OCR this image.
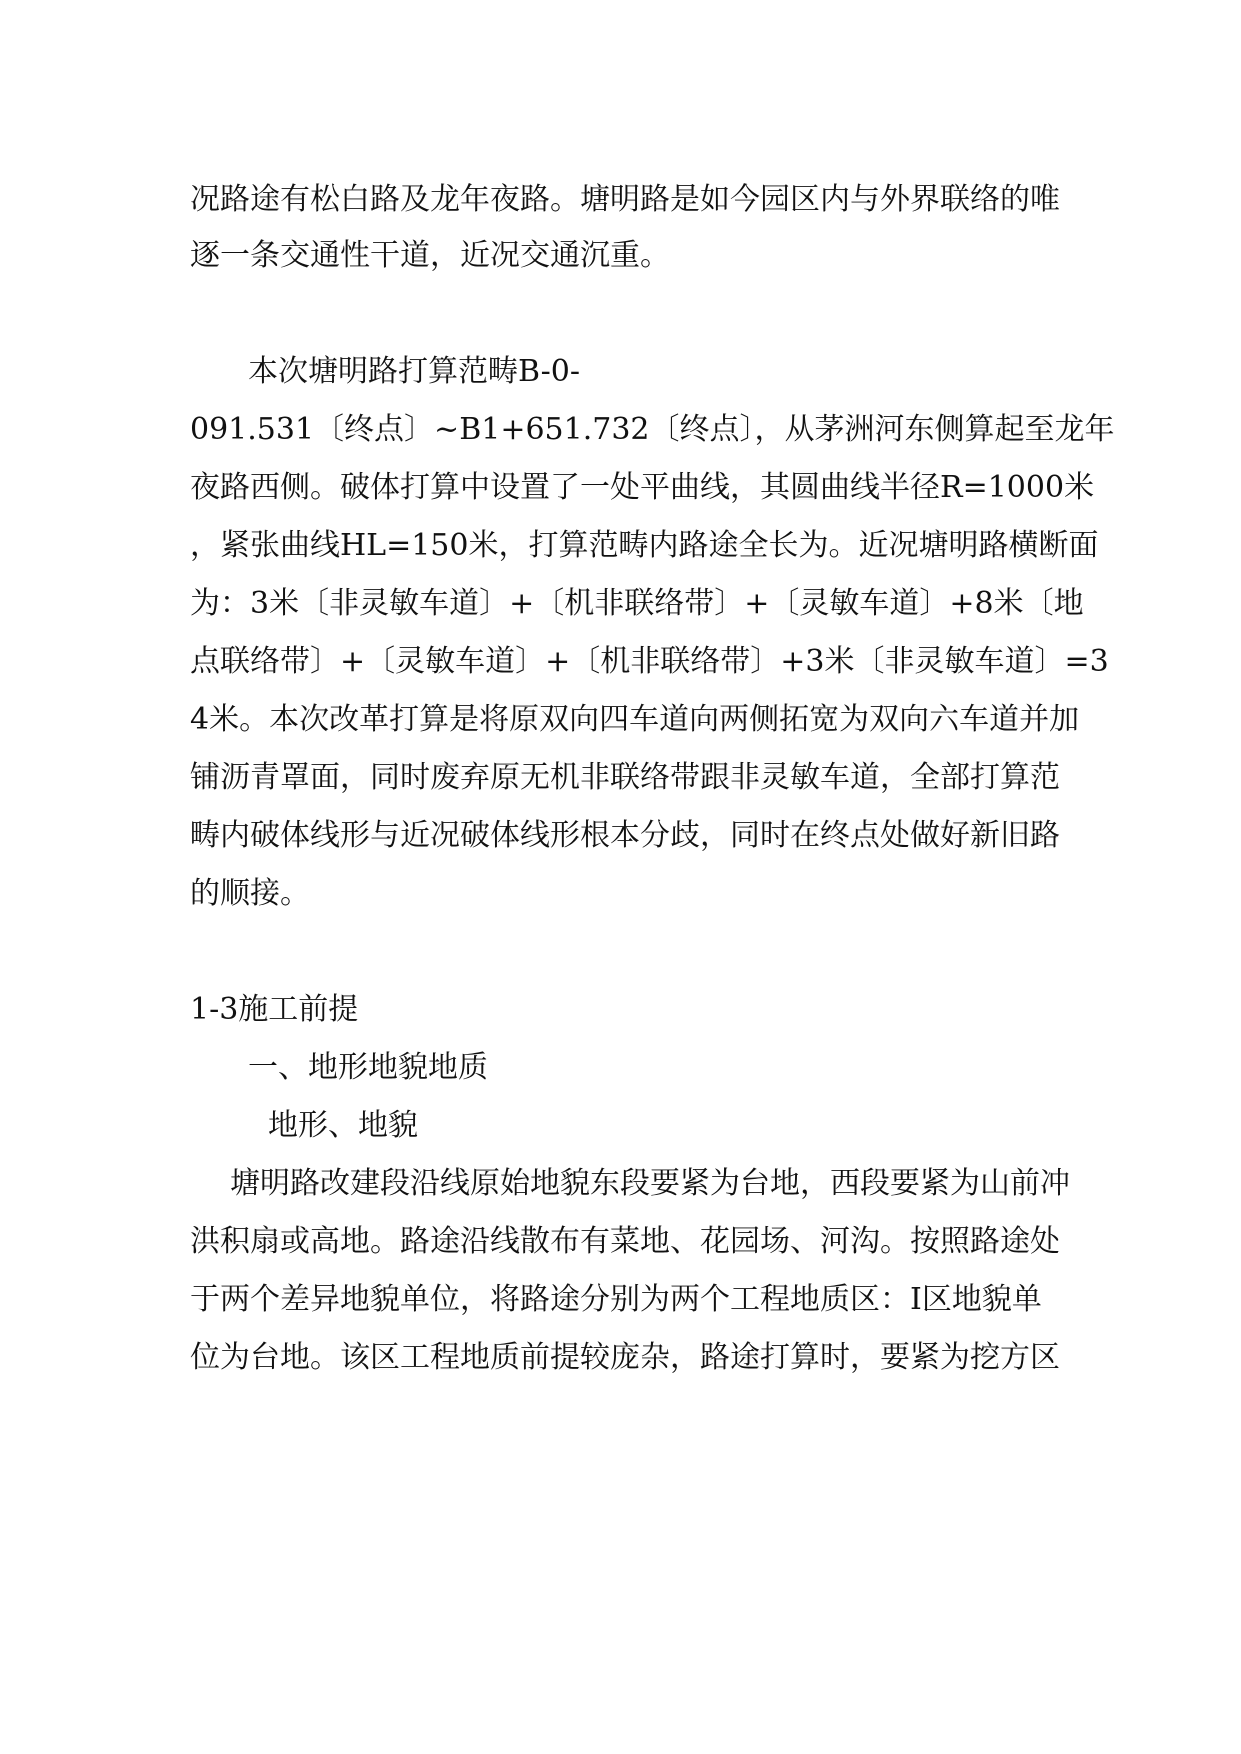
况路途有松白路及龙年夜路。塘明路是如今园区内与外界联络的唯

逐一条交通性干道，近况交通沉重。

本次塘明路打算范畴B-0-

091.531〔终点〕~B1+651.732〔终点〕，从茅洲河东侧算起至龙年

夜路西侧。破体打算中设置了一处平曲线，其圆曲线半径R=1000米

，紧张曲线HL=150米，打算范畴内路途全长为。近况塘明路横断面

为：3米〔非灵敏车道〕+〔机非联络带〕+〔灵敏车道〕+8米〔地

点联络带〕+〔灵敏车道〕+〔机非联络带〕+3米〔非灵敏车道〕=3

4米。本次改革打算是将原双向四车道向两侧拓宽为双向六车道并加

铺沥青罩面，同时废弃原无机非联络带跟非灵敏车道，全部打算范

畴内破体线形与近况破体线形根本分歧，同时在终点处做好新旧路

的顺接。

1-3施工前提

一、地形地貌地质

地形、地貌

塘明路改建段沿线原始地貌东段要紧为台地，西段要紧为山前冲

洪积扇或高地。路途沿线散布有菜地、花园场、河沟。按照路途处

于两个差异地貌单位，将路途分别为两个工程地质区：Ⅰ区地貌单

位为台地。该区工程地质前提较庞杂，路途打算时，要紧为挖方区
